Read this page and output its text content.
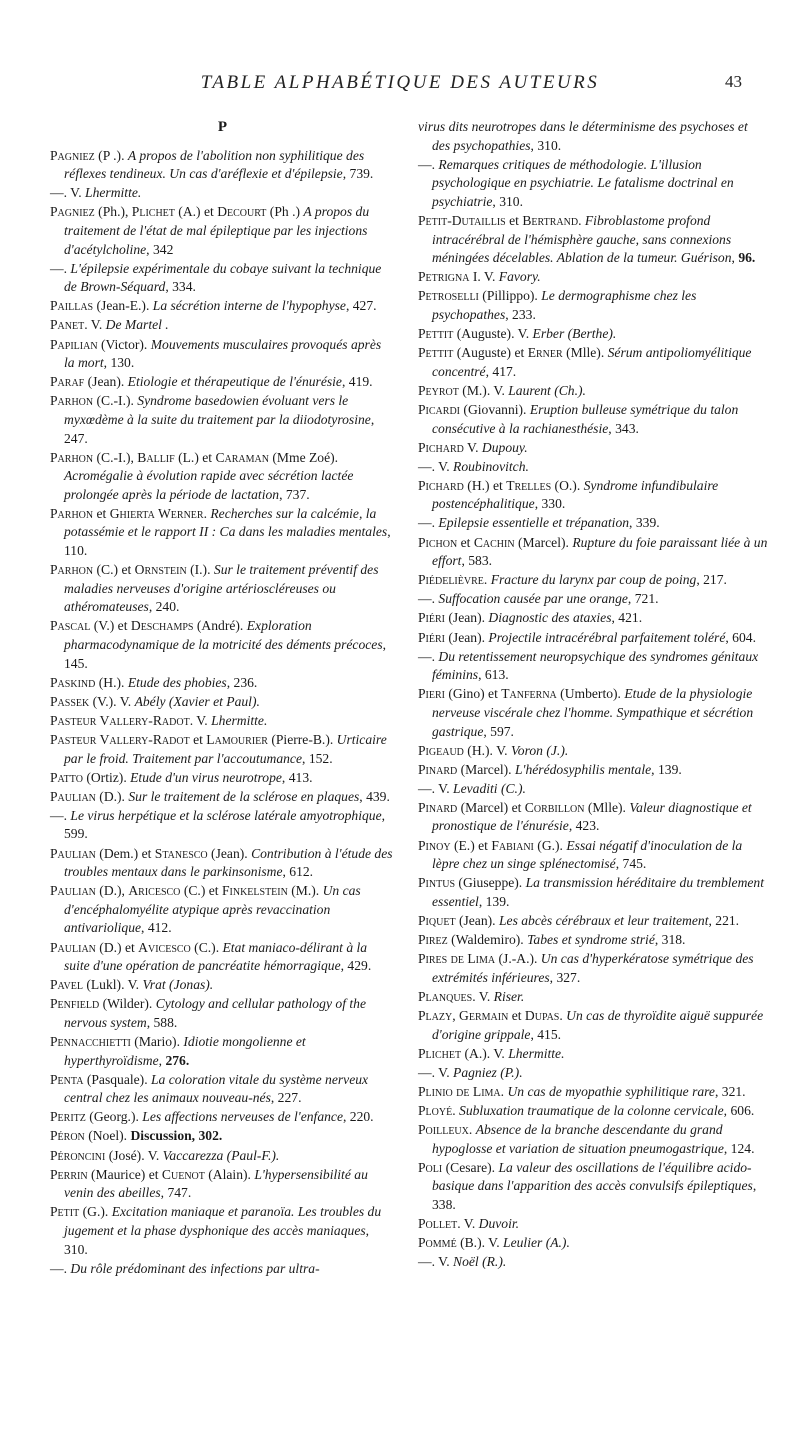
TABLE ALPHABÉTIQUE DES AUTEURS	43
P
Pagniez (P .). A propos de l'abolition non syphilitique des réflexes tendineux. Un cas d'aréflexie et d'épilepsie, 739.
—. V. Lhermitte.
Pagniez (Ph.), Plichet (A.) et Decourt (Ph .) A propos du traitement de l'état de mal épileptique par les injections d'acétylcholine, 342
—. L'épilepsie expérimentale du cobaye suivant la technique de Brown-Séquard, 334.
Paillas (Jean-E.). La sécrétion interne de l'hypophyse, 427.
Panet. V. De Martel .
Papilian (Victor). Mouvements musculaires provoqués après la mort, 130.
Paraf (Jean). Etiologie et thérapeutique de l'énurésie, 419.
Parhon (C.-I.). Syndrome basedowien évoluant vers le myxœdème à la suite du traitement par la diiodotyrosine, 247.
Parhon (C.-I.), Ballif (L.) et Caraman (Mme Zoé). Acromégalie à évolution rapide avec sécrétion lactée prolongée après la période de lactation, 737.
Parhon et Ghierta Werner. Recherches sur la calcémie, la potassémie et le rapport II : Ca dans les maladies mentales, 110.
Parhon (C.) et Ornstein (I.). Sur le traitement préventif des maladies nerveuses d'origine artérioscléreuses ou athéromateuses, 240.
Pascal (V.) et Deschamps (André). Exploration pharmacodynamique de la motricité des déments précoces, 145.
Paskind (H.). Etude des phobies, 236.
Passek (V.). V. Abély (Xavier et Paul).
Pasteur Vallery-Radot. V. Lhermitte.
Pasteur Vallery-Radot et Lamourier (Pierre-B.). Urticaire par le froid. Traitement par l'accoutumance, 152.
Patto (Ortiz). Etude d'un virus neurotrope, 413.
Paulian (D.). Sur le traitement de la sclérose en plaques, 439.
—. Le virus herpétique et la sclérose latérale amyotrophique, 599.
Paulian (Dem.) et Stanesco (Jean). Contribution à l'étude des troubles mentaux dans le parkinsonisme, 612.
Paulian (D.), Aricesco (C.) et Finkelstein (M.). Un cas d'encéphalomyélite atypique après revaccination antivariolique, 412.
Paulian (D.) et Avicesco (C.). Etat maniaco-délirant à la suite d'une opération de pancréatite hémorragique, 429.
Pavel (Lukl). V. Vrat (Jonas).
Penfield (Wilder). Cytology and cellular pathology of the nervous system, 588.
Pennacchietti (Mario). Idiotie mongolienne et hyperthyroïdisme, 276.
Penta (Pasquale). La coloration vitale du système nerveux central chez les animaux nouveau-nés, 227.
Peritz (Georg.). Les affections nerveuses de l'enfance, 220.
Péron (Noel). Discussion, 302.
Péroncini (José). V. Vaccarezza (Paul-F.).
Perrin (Maurice) et Cuenot (Alain). L'hypersensibilité au venin des abeilles, 747.
Petit (G.). Excitation maniaque et paranoïa. Les troubles du jugement et la phase dysphonique des accès maniaques, 310.
—. Du rôle prédominant des infections par ultra-
virus dits neurotropes dans le déterminisme des psychoses et des psychopathies, 310.
—. Remarques critiques de méthodologie. L'illusion psychologique en psychiatrie. Le fatalisme doctrinal en psychiatrie, 310.
Petit-Dutaillis et Bertrand. Fibroblastome profond intracérébral de l'hémisphère gauche, sans connexions méningées décelables. Ablation de la tumeur. Guérison, 96.
Petrigna I. V. Favory.
Petroselli (Pillippo). Le dermographisme chez les psychopathes, 233.
Pettit (Auguste). V. Erber (Berthe).
Pettit (Auguste) et Erner (Mlle). Sérum antipoliomyélitique concentré, 417.
Peyrot (M.). V. Laurent (Ch.).
Picardi (Giovanni). Eruption bulleuse symétrique du talon consécutive à la rachianesthésie, 343.
Pichard V. Dupouy.
—. V. Roubinovitch.
Pichard (H.) et Trelles (O.). Syndrome infundibulaire postencéphalitique, 330.
—. Epilepsie essentielle et trépanation, 339.
Pichon et Cachin (Marcel). Rupture du foie paraissant liée à un effort, 583.
Piédelièvre. Fracture du larynx par coup de poing, 217.
—. Suffocation causée par une orange, 721.
Piéri (Jean). Diagnostic des ataxies, 421.
Piéri (Jean). Projectile intracérébral parfaitement toléré, 604.
—. Du retentissement neuropsychique des syndromes génitaux féminins, 613.
Pieri (Gino) et Tanferna (Umberto). Etude de la physiologie nerveuse viscérale chez l'homme. Sympathique et sécrétion gastrique, 597.
Pigeaud (H.). V. Voron (J.).
Pinard (Marcel). L'hérédosyphilis mentale, 139.
—. V. Levaditi (C.).
Pinard (Marcel) et Corbillon (Mlle). Valeur diagnostique et pronostique de l'énurésie, 423.
Pinoy (E.) et Fabiani (G.). Essai négatif d'inoculation de la lèpre chez un singe splénectomisé, 745.
Pintus (Giuseppe). La transmission héréditaire du tremblement essentiel, 139.
Piquet (Jean). Les abcès cérébraux et leur traitement, 221.
Pirez (Waldemiro). Tabes et syndrome strié, 318.
Pires de Lima (J.-A.). Un cas d'hyperkératose symétrique des extrémités inférieures, 327.
Planques. V. Riser.
Plazy, Germain et Dupas. Un cas de thyroïdite aiguë suppurée d'origine grippale, 415.
Plichet (A.). V. Lhermitte.
—. V. Pagniez (P.).
Plinio de Lima. Un cas de myopathie syphilitique rare, 321.
Ployé. Subluxation traumatique de la colonne cervicale, 606.
Poilleux. Absence de la branche descendante du grand hypoglosse et variation de situation pneumogastrique, 124.
Poli (Cesare). La valeur des oscillations de l'équilibre acido-basique dans l'apparition des accès convulsifs épileptiques, 338.
Pollet. V. Duvoir.
Pommé (B.). V. Leulier (A.).
—. V. Noël (R.).
